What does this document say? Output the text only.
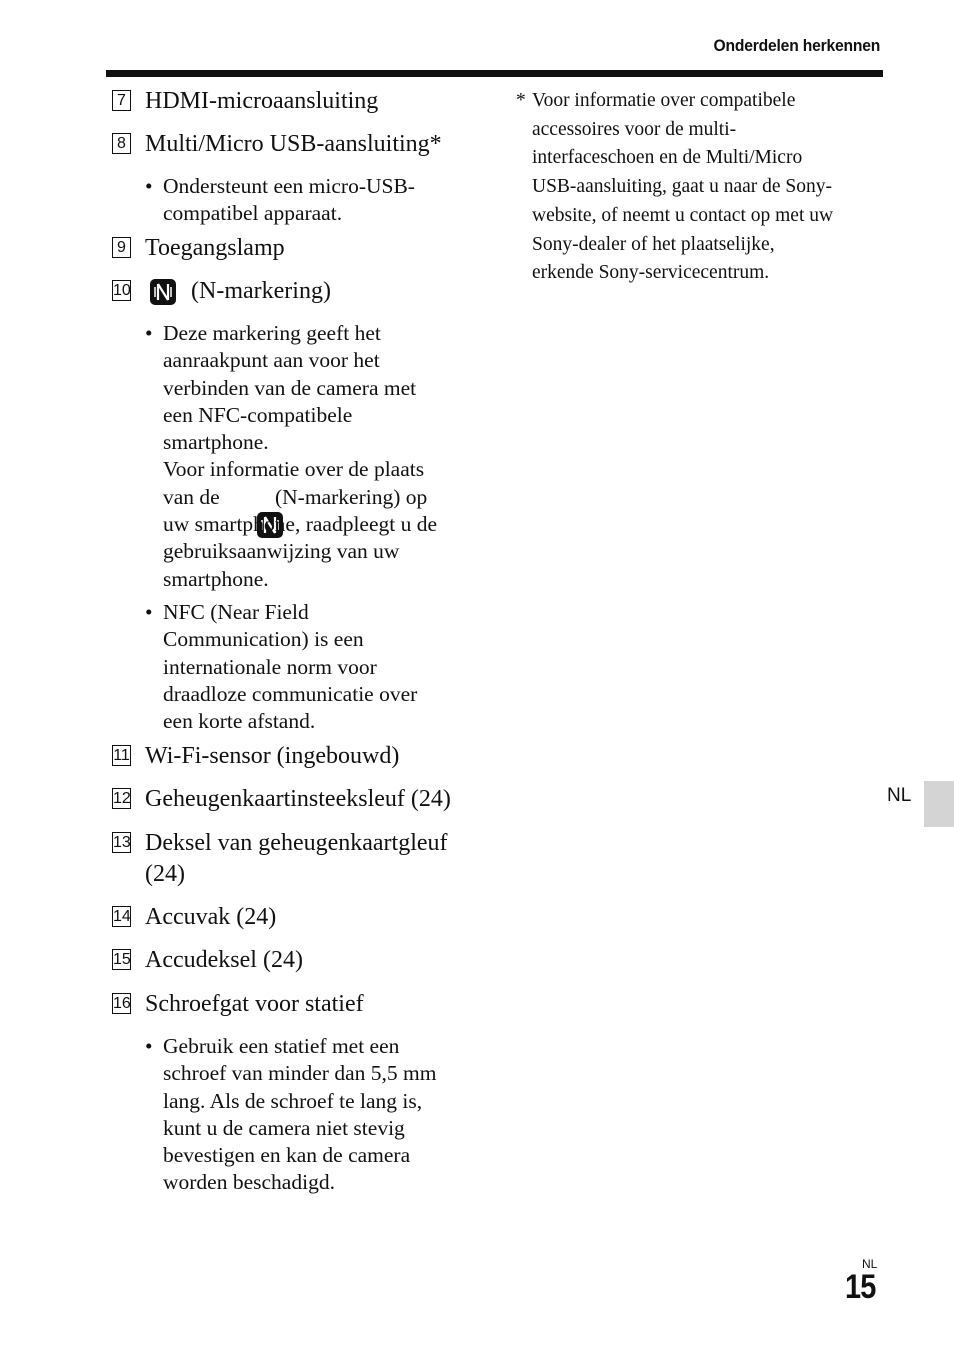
Onderdelen herkennen
7 HDMI-microaansluiting
8 Multi/Micro USB-aansluiting*
• Ondersteunt een micro-USB-
compatibel apparaat.
9 Toegangslamp
10	(N-markering)
• Deze markering geeft het
aanraakpunt aan voor het
verbinden van de camera met
een NFC-compatibele
smartphone.
Voor informatie over de plaats
van de

	(N-markering) op
uw smartphone, raadpleegt u de
gebruiksaanwijzing van uw
smartphone.
• NFC (Near Field
Communication) is een
internationale norm voor
draadloze communicatie over
een korte afstand.
11 Wi-Fi-sensor (ingebouwd)
12 Geheugenkaartinsteeksleuf (24)
13 Deksel van geheugenkaartgleuf
(24)
14 Accuvak (24)
15 Accudeksel (24)
16 Schroefgat voor statief
• Gebruik een statief met een
schroef van minder dan 5,5 mm
lang. Als de schroef te lang is,
kunt u de camera niet stevig
bevestigen en kan de camera
worden beschadigd.
* Voor informatie over compatibele
accessoires voor de multi-
interfaceschoen en de Multi/Micro
USB-aansluiting, gaat u naar de Sony-
website, of neemt u contact op met uw
Sony-dealer of het plaatselijke,
erkende Sony-servicecentrum.
NL
NL
15
